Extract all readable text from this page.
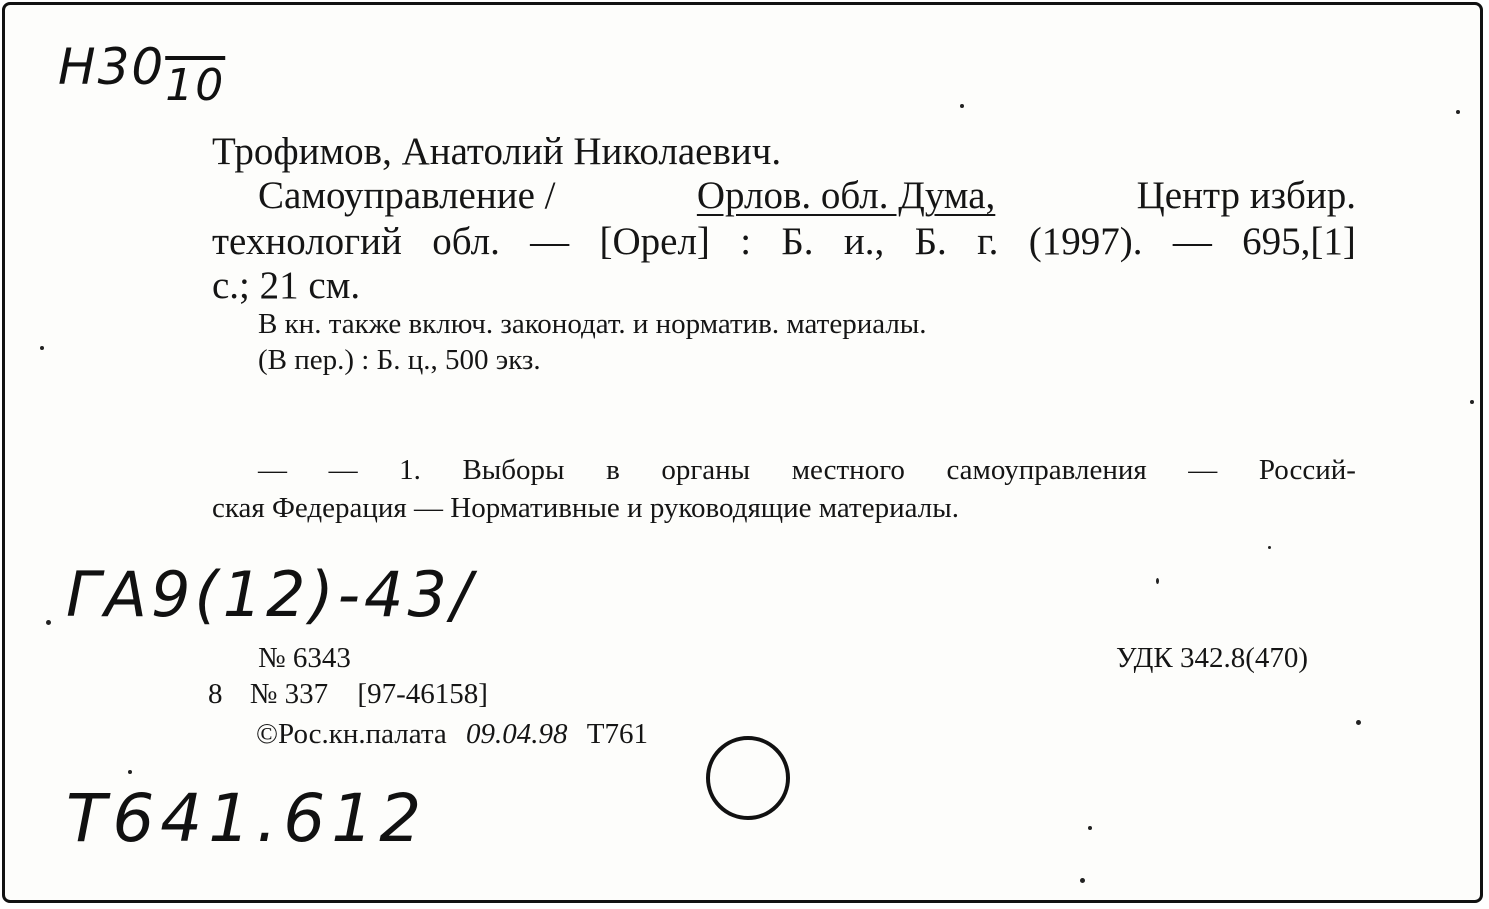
Н3010
Трофимов, Анатолий Николаевич.
Самоуправление /	Орлов. обл. Дума,	Центр избир.
технологий обл. — [Орел] : Б. и., Б. г. (1997). — 695,[1]
с.; 21 см.
В кн. также включ. законодат. и норматив. материалы.
(В пер.) : Б. ц., 500 экз.
— — 1. Выборы в органы местного самоуправления — Россий-
ская Федерация — Нормативные и руководящие материалы.
ГА9(12)-43/
№ 6343	УДК 342.8(470)
8 № 337 [97-46158]
©Рос.кн.палата 09.04.98 Т761
Т641.612
